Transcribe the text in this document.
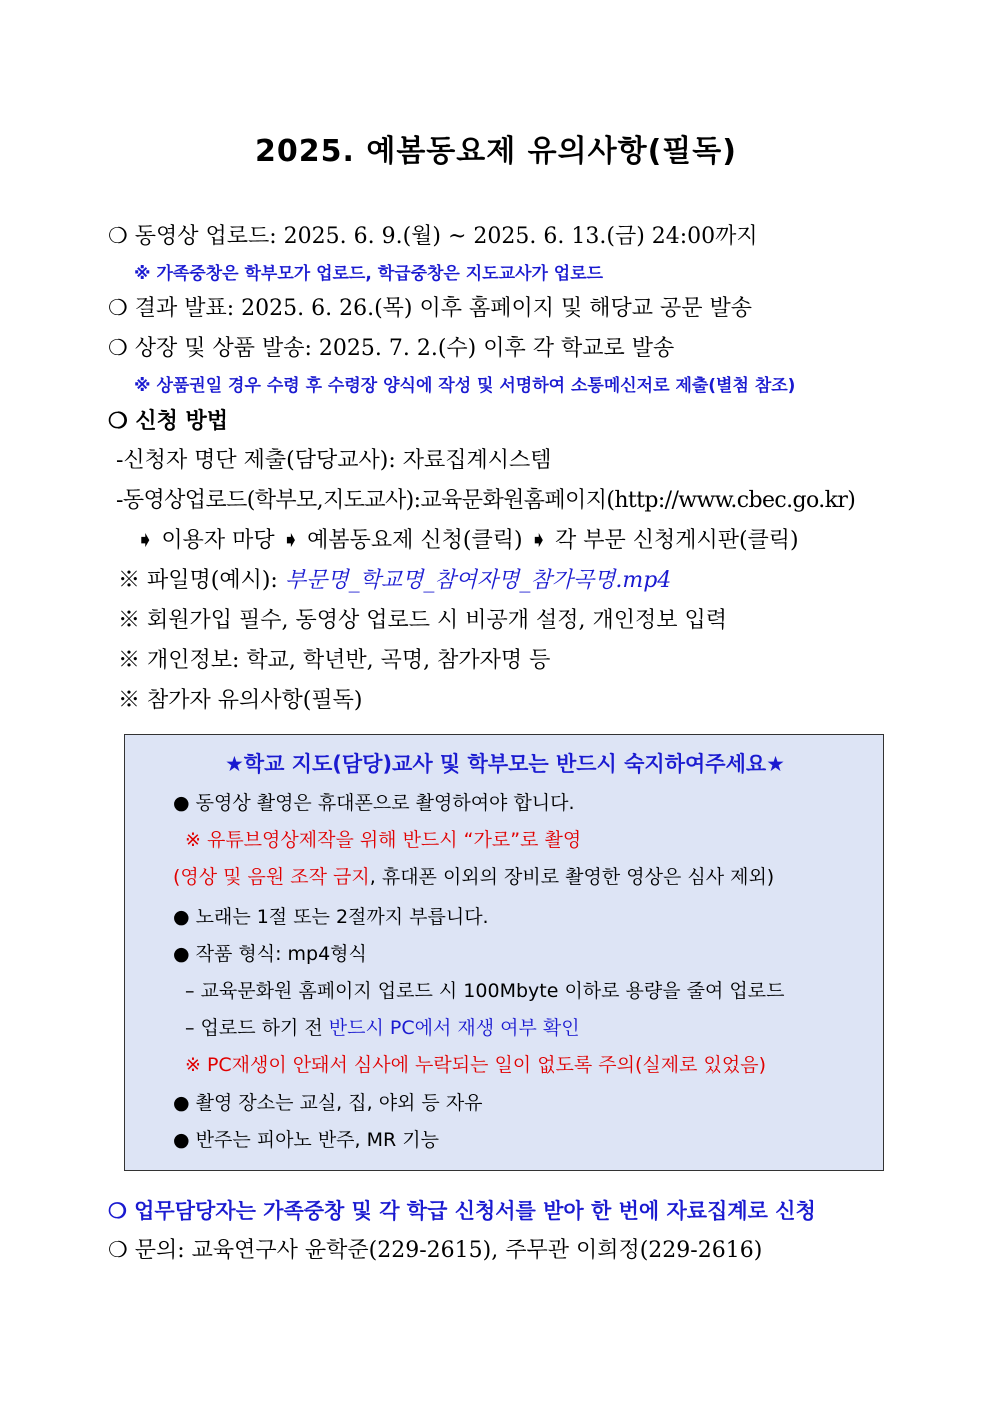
2025. 예봄동요제 유의사항(필독)
❍ 동영상 업로드: 2025. 6. 9.(월) ~ 2025. 6. 13.(금) 24:00까지
※ 가족중창은 학부모가 업로드, 학급중창은 지도교사가 업로드
❍ 결과 발표: 2025. 6. 26.(목) 이후 홈페이지 및 해당교 공문 발송
❍ 상장 및 상품 발송: 2025. 7. 2.(수) 이후 각 학교로 발송
※ 상품권일 경우 수령 후 수령장 양식에 작성 및 서명하여 소통메신저로 제출(별첨 참조)
❍ 신청 방법
-신청자 명단 제출(담당교사): 자료집계시스템
-동영상업로드(학부모,지도교사):교육문화원홈페이지(http://www.cbec.go.kr)
➧ 이용자 마당 ➧ 예봄동요제 신청(클릭) ➧ 각 부문 신청게시판(클릭)
※ 파일명(예시): 부문명_학교명_참여자명_참가곡명.mp4
※ 회원가입 필수, 동영상 업로드 시 비공개 설정, 개인정보 입력
※ 개인정보: 학교, 학년반, 곡명, 참가자명 등
※ 참가자 유의사항(필독)
★학교 지도(담당)교사 및 학부모는 반드시 숙지하여주세요★
● 동영상 촬영은 휴대폰으로 촬영하여야 합니다.
※ 유튜브영상제작을 위해 반드시 “가로”로 촬영
(영상 및 음원 조작 금지, 휴대폰 이외의 장비로 촬영한 영상은 심사 제외)
● 노래는 1절 또는 2절까지 부릅니다.
● 작품 형식: mp4형식
– 교육문화원 홈페이지 업로드 시 100Mbyte 이하로 용량을 줄여 업로드
– 업로드 하기 전 반드시 PC에서 재생 여부 확인
※ PC재생이 안돼서 심사에 누락되는 일이 없도록 주의(실제로 있었음)
● 촬영 장소는 교실, 집, 야외 등 자유
● 반주는 피아노 반주, MR 기능
❍ 업무담당자는 가족중창 및 각 학급 신청서를 받아 한 번에 자료집계로 신청
❍ 문의: 교육연구사 윤학준(229-2615), 주무관 이희정(229-2616)
